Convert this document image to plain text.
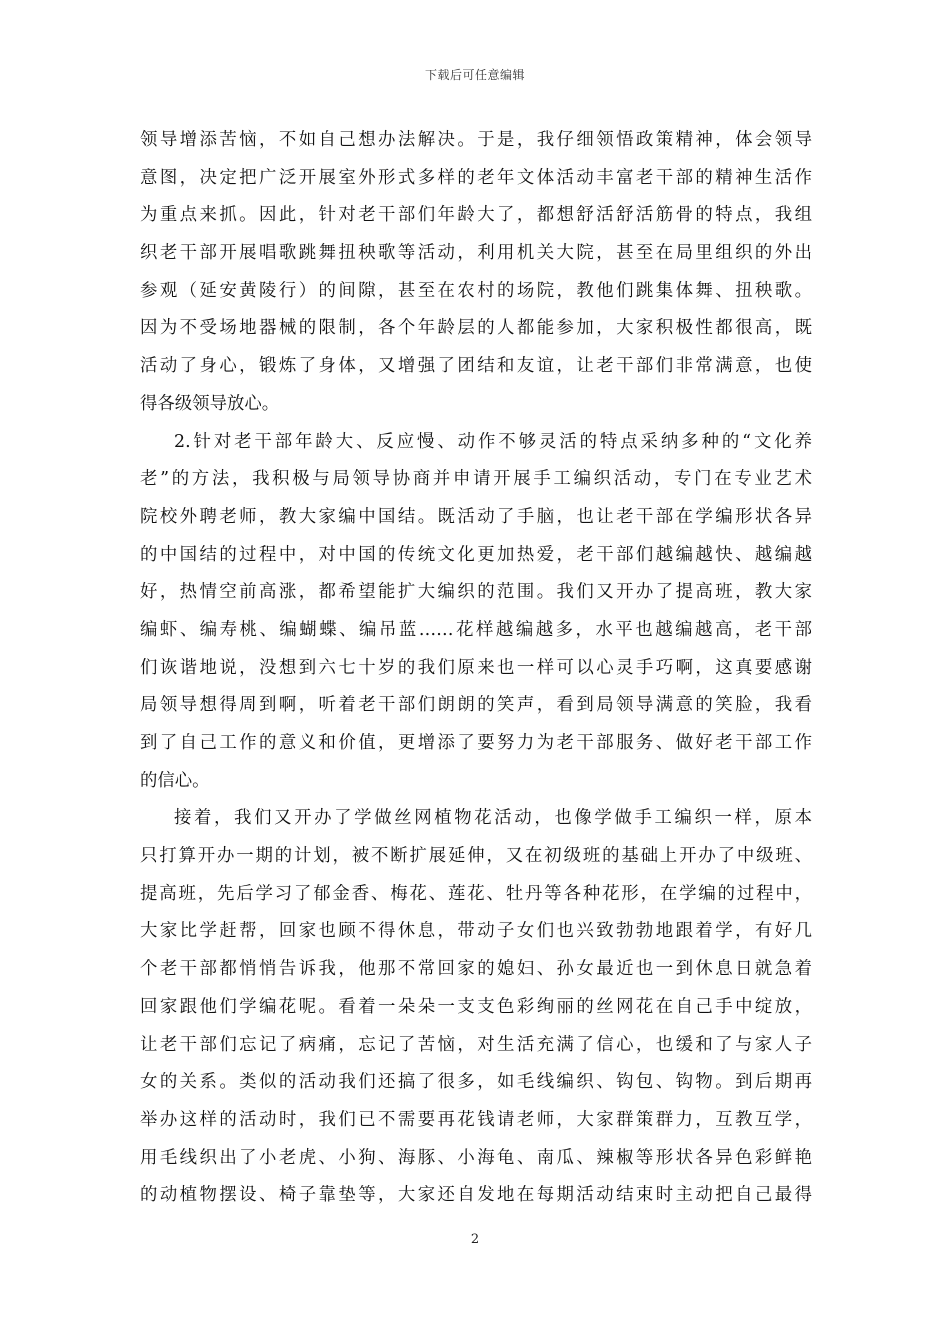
下载后可任意编辑
领导增添苦恼，不如自己想办法解决。于是，我仔细领悟政策精神，体会领导
意图，决定把广泛开展室外形式多样的老年文体活动丰富老干部的精神生活作
为重点来抓。因此，针对老干部们年龄大了，都想舒活舒活筋骨的特点，我组
织老干部开展唱歌跳舞扭秧歌等活动，利用机关大院，甚至在局里组织的外出
参观（延安黄陵行）的间隙，甚至在农村的场院，教他们跳集体舞、扭秧歌。
因为不受场地器械的限制，各个年龄层的人都能参加，大家积极性都很高，既
活动了身心，锻炼了身体，又增强了团结和友谊，让老干部们非常满意，也使
得各级领导放心。
2.针对老干部年龄大、反应慢、动作不够灵活的特点采纳多种的“文化养
老”的方法，我积极与局领导协商并申请开展手工编织活动，专门在专业艺术
院校外聘老师，教大家编中国结。既活动了手脑，也让老干部在学编形状各异
的中国结的过程中，对中国的传统文化更加热爱，老干部们越编越快、越编越
好，热情空前高涨，都希望能扩大编织的范围。我们又开办了提高班，教大家
编虾、编寿桃、编蝴蝶、编吊蓝……花样越编越多，水平也越编越高，老干部
们诙谐地说，没想到六七十岁的我们原来也一样可以心灵手巧啊，这真要感谢
局领导想得周到啊，听着老干部们朗朗的笑声，看到局领导满意的笑脸，我看
到了自己工作的意义和价值，更增添了要努力为老干部服务、做好老干部工作
的信心。
接着，我们又开办了学做丝网植物花活动，也像学做手工编织一样，原本
只打算开办一期的计划，被不断扩展延伸，又在初级班的基础上开办了中级班、
提高班，先后学习了郁金香、梅花、莲花、牡丹等各种花形，在学编的过程中，
大家比学赶帮，回家也顾不得休息，带动子女们也兴致勃勃地跟着学，有好几
个老干部都悄悄告诉我，他那不常回家的媳妇、孙女最近也一到休息日就急着
回家跟他们学编花呢。看着一朵朵一支支色彩绚丽的丝网花在自己手中绽放，
让老干部们忘记了病痛，忘记了苦恼，对生活充满了信心，也缓和了与家人子
女的关系。类似的活动我们还搞了很多，如毛线编织、钩包、钩物。到后期再
举办这样的活动时，我们已不需要再花钱请老师，大家群策群力，互教互学，
用毛线织出了小老虎、小狗、海豚、小海龟、南瓜、辣椒等形状各异色彩鲜艳
的动植物摆设、椅子靠垫等，大家还自发地在每期活动结束时主动把自己最得
2
